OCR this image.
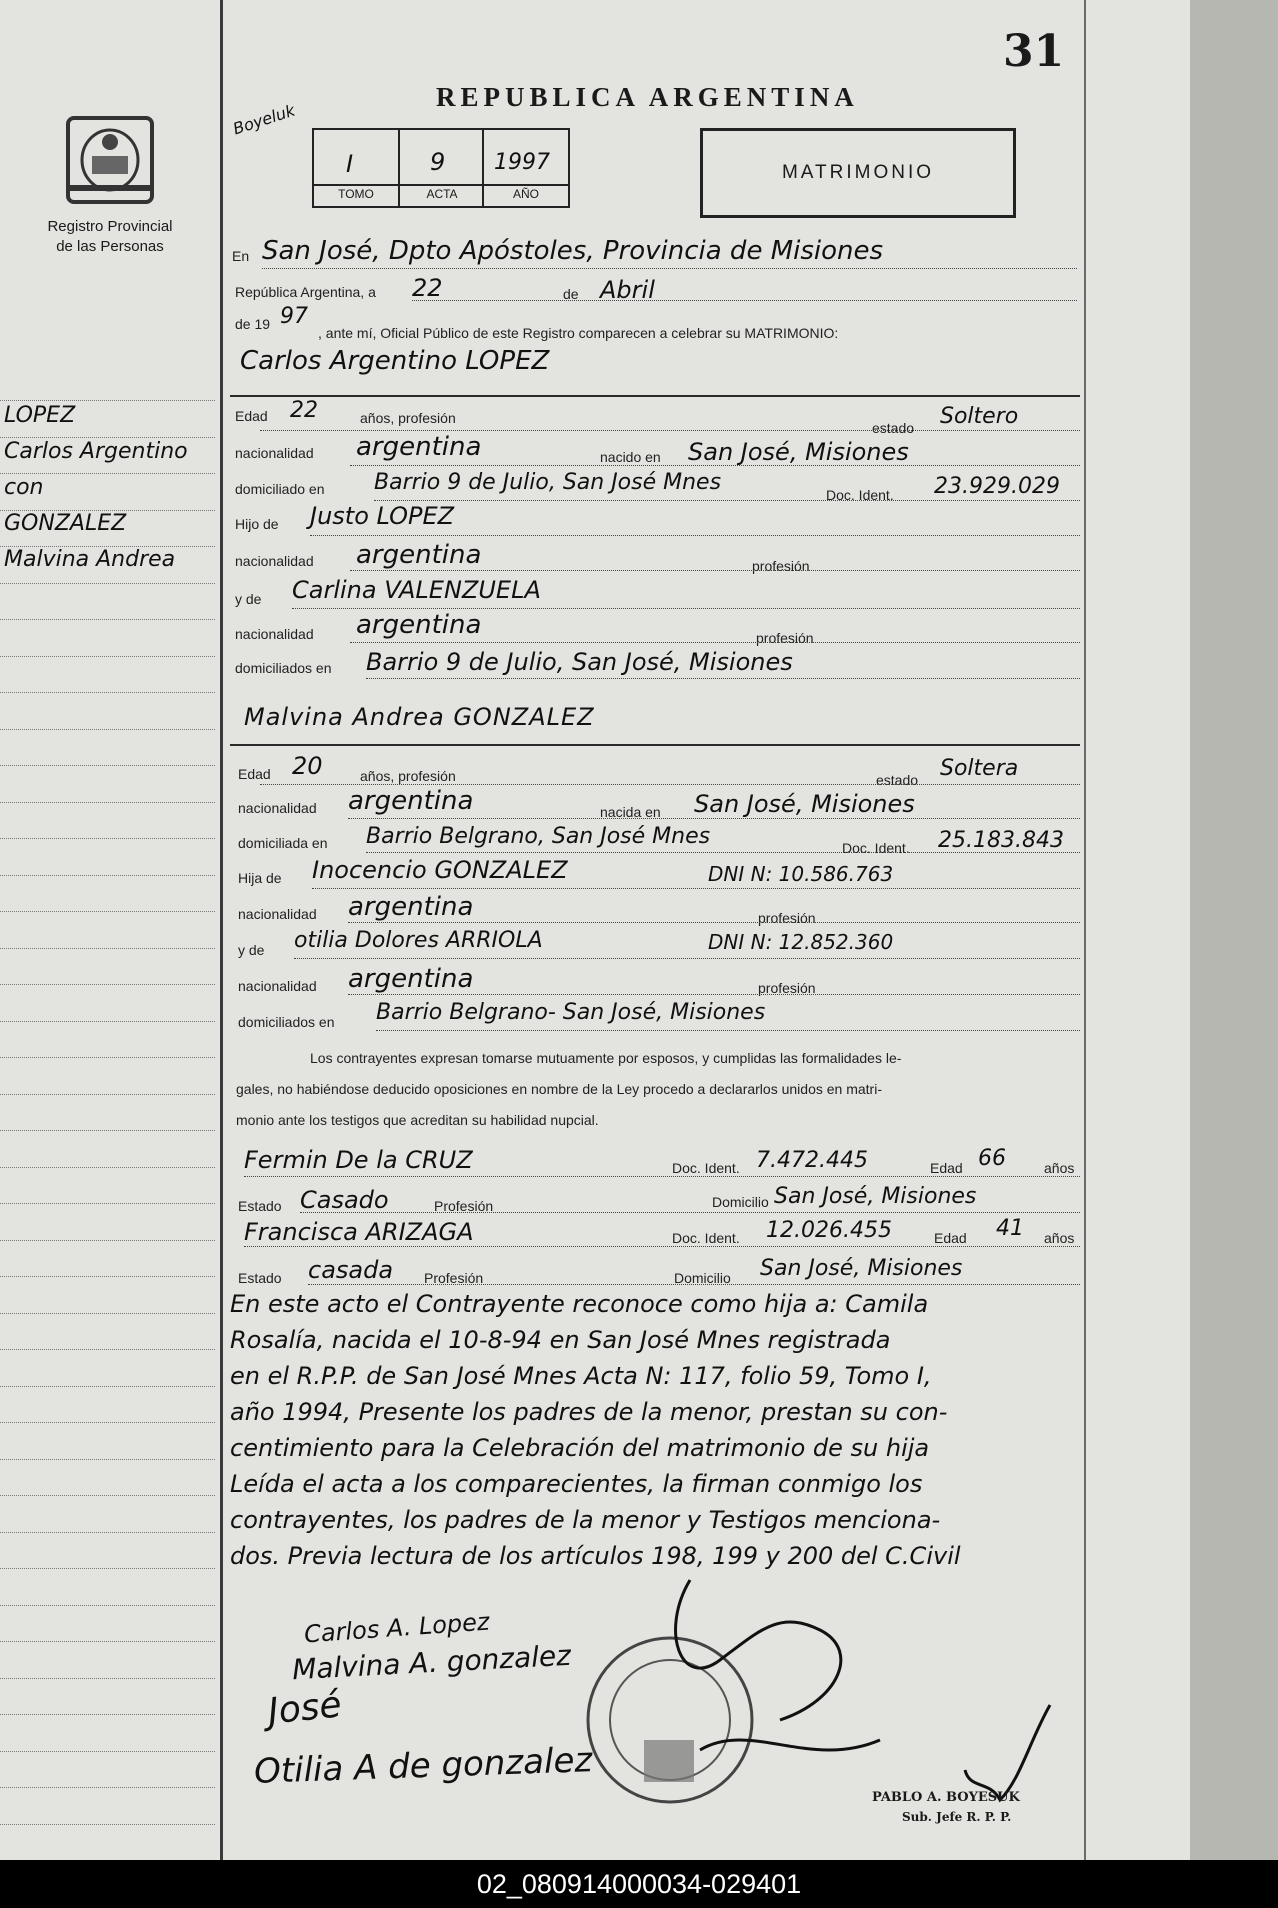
31
REPUBLICA ARGENTINA
Registro Provincial
de las Personas
Boyeluk
I	9 1997
TOMO	ACTA	AÑO
MATRIMONIO
LOPEZ
Carlos Argentino
con
GONZALEZ
Malvina Andrea
En San José, Dpto Apóstoles, Provincia de Misiones
República Argentina, a 22	de Abril
de 19 97
, ante mí, Oficial Público de este Registro comparecen a celebrar su MATRIMONIO:
Carlos Argentino LOPEZ
Malvina Andrea GONZALEZ
Los contrayentes expresan tomarse mutuamente por esposos, y cumplidas las formalidades le-
gales, no habiéndose deducido oposiciones en nombre de la Ley procedo a declararlos unidos en matri-
monio ante los testigos que acreditan su habilidad nupcial.
En este acto el Contrayente reconoce como hija a: Camila
Rosalía, nacida el 10-8-94 en San José Mnes registrada
en el R.P.P. de San José Mnes Acta N: 117, folio 59, Tomo I,
año 1994, Presente los padres de la menor, prestan su con-
centimiento para la Celebración del matrimonio de su hija
Leída el acta a los comparecientes, la firman conmigo los
contrayentes, los padres de la menor y Testigos menciona-
dos. Previa lectura de los artículos 198, 199 y 200 del C.Civil
Carlos A. Lopez
Malvina A. gonzalez
José
Otilia A de gonzalez
PABLO A. BOYESUK
Sub. Jefe R. P. P.
02_080914000034-029401
Edad 22	años, profesión
estado Soltero
nacionalidad argentina	nacido en San José, Misiones
domiciliado en Barrio 9 de Julio, San José Mnes	Doc. Ident. 23.929.029
Hijo de Justo LOPEZ
nacionalidad argentina	profesión
y de Carlina VALENZUELA
nacionalidad argentina	profesión
domiciliados en Barrio 9 de Julio, San José, Misiones
Edad 20	años, profesión	estado Soltera
nacionalidad argentina	nacida en San José, Misiones
domiciliada en Barrio Belgrano, San José Mnes	Doc. Ident. 25.183.843
Hija de Inocencio GONZALEZ	DNI N: 10.586.763
nacionalidad argentina	profesión
y de otilia Dolores ARRIOLA	DNI N: 12.852.360
nacionalidad argentina	profesión
domiciliados en Barrio Belgrano- San José, Misiones
Fermin De la CRUZ	Doc. Ident. 7.472.445	Edad 66	años
Estado Casado	Profesión	Domicilio San José, Misiones
Francisca ARIZAGA	Doc. Ident. 12.026.455	Edad 41 años
Estado casada Profesión	Domicilio San José, Misiones
